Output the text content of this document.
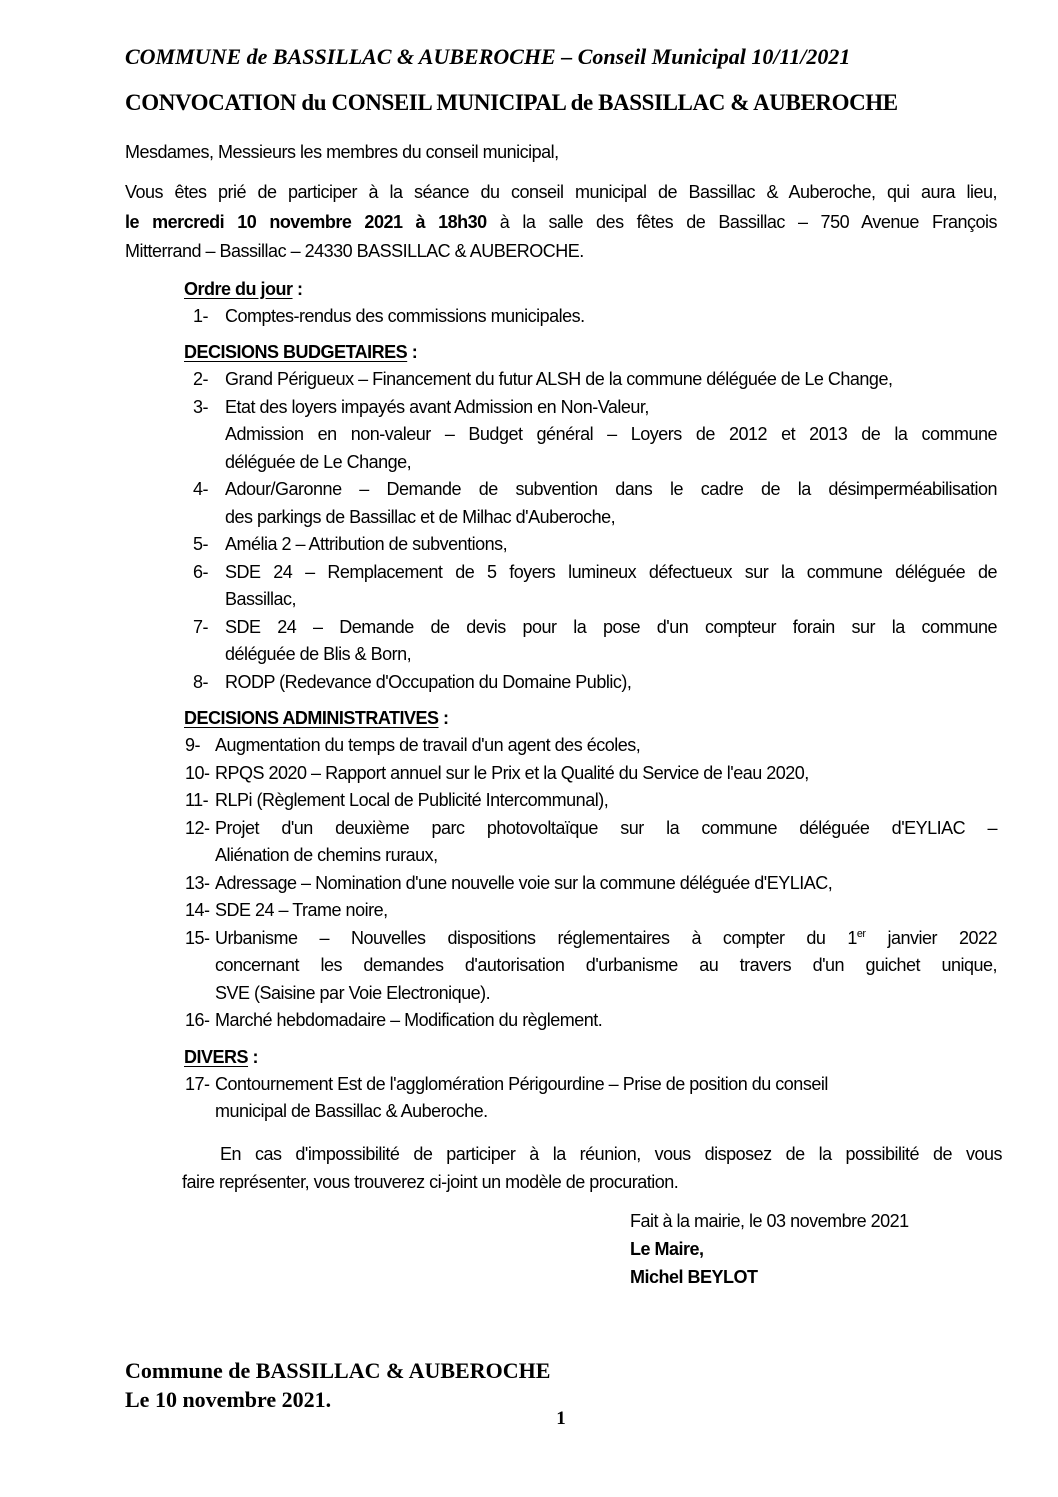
COMMUNE de BASSILLAC & AUBEROCHE – Conseil Municipal 10/11/2021
CONVOCATION du CONSEIL MUNICIPAL de BASSILLAC & AUBEROCHE
Mesdames, Messieurs les membres du conseil municipal,
Vous êtes prié de participer à la séance du conseil municipal de Bassillac & Auberoche, qui aura lieu,
le mercredi 10 novembre 2021 à 18h30 à la salle des fêtes de Bassillac – 750 Avenue François
Mitterrand – Bassillac – 24330 BASSILLAC & AUBEROCHE.
Ordre du jour :
1- Comptes-rendus des commissions municipales.
DECISIONS BUDGETAIRES :
2- Grand Périgueux – Financement du futur ALSH de la commune déléguée de Le Change,
3- Etat des loyers impayés avant Admission en Non-Valeur,
Admission en non-valeur – Budget général – Loyers de 2012 et 2013 de la commune
déléguée de Le Change,
4- Adour/Garonne – Demande de subvention dans le cadre de la désimperméabilisation
des parkings de Bassillac et de Milhac d'Auberoche,
5- Amélia 2 – Attribution de subventions,
6- SDE 24 – Remplacement de 5 foyers lumineux défectueux sur la commune déléguée de
Bassillac,
7- SDE 24 – Demande de devis pour la pose d'un compteur forain sur la commune
déléguée de Blis & Born,
8- RODP (Redevance d'Occupation du Domaine Public),
DECISIONS ADMINISTRATIVES :
9- Augmentation du temps de travail d'un agent des écoles,
10- RPQS 2020 – Rapport annuel sur le Prix et la Qualité du Service de l'eau 2020,
11- RLPi (Règlement Local de Publicité Intercommunal),
12- Projet d'un deuxième parc photovoltaïque sur la commune déléguée d'EYLIAC –
Aliénation de chemins ruraux,
13- Adressage – Nomination d'une nouvelle voie sur la commune déléguée d'EYLIAC,
14- SDE 24 – Trame noire,
15- Urbanisme – Nouvelles dispositions réglementaires à compter du 1er janvier 2022
concernant les demandes d'autorisation d'urbanisme au travers d'un guichet unique,
SVE (Saisine par Voie Electronique).
16- Marché hebdomadaire – Modification du règlement.
DIVERS :
17- Contournement Est de l'agglomération Périgourdine – Prise de position du conseil
municipal de Bassillac & Auberoche.
En cas d'impossibilité de participer à la réunion, vous disposez de la possibilité de vous
faire représenter, vous trouverez ci-joint un modèle de procuration.
Fait à la mairie, le 03 novembre 2021
Le Maire,
Michel BEYLOT
Commune de BASSILLAC & AUBEROCHE
Le 10 novembre 2021.
1
